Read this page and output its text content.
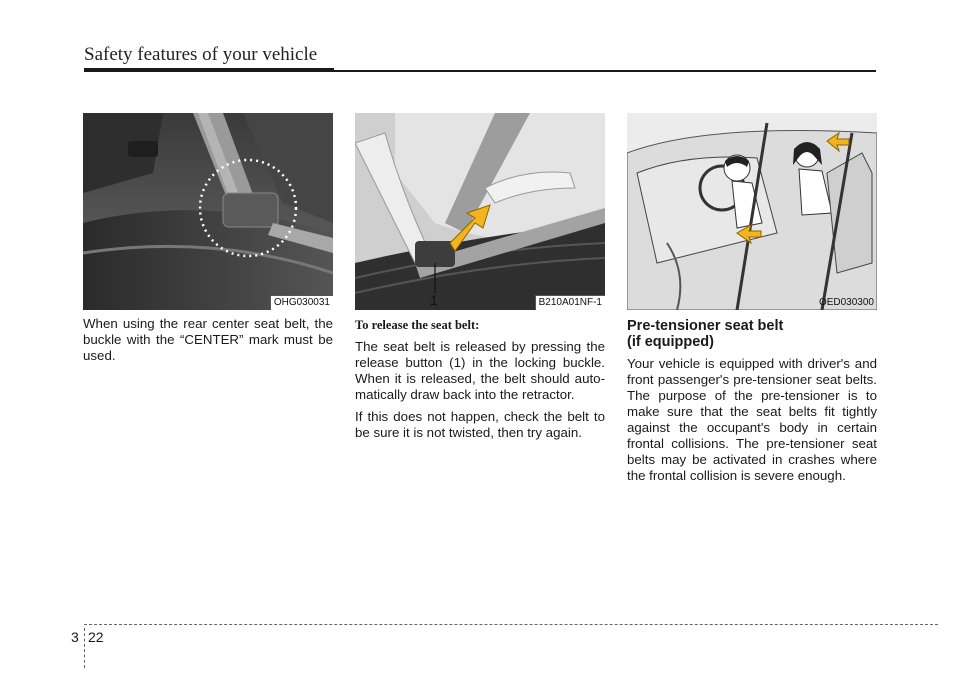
Safety features of your vehicle
OHG030031

When using the rear center seat belt, the buckle with the “CENTER” mark must be used.

1	B210A01NF-1

To release the seat belt:

The seat belt is released by pressing the release button (1) in the locking buckle. When it is released, the belt should auto-matically draw back into the retractor.

If this does not happen, check the belt to be sure it is not twisted, then try again.

OED030300
Pre-tensioner seat belt
(if equipped)

Your vehicle is equipped with driver's and front passenger's pre-tensioner seat belts. The purpose of the pre-tensioner is to make sure that the seat belts fit tightly against the occupant's body in certain frontal collisions. The pre-tensioner seat belts may be activated in crashes where the frontal collision is severe enough.

3 22
